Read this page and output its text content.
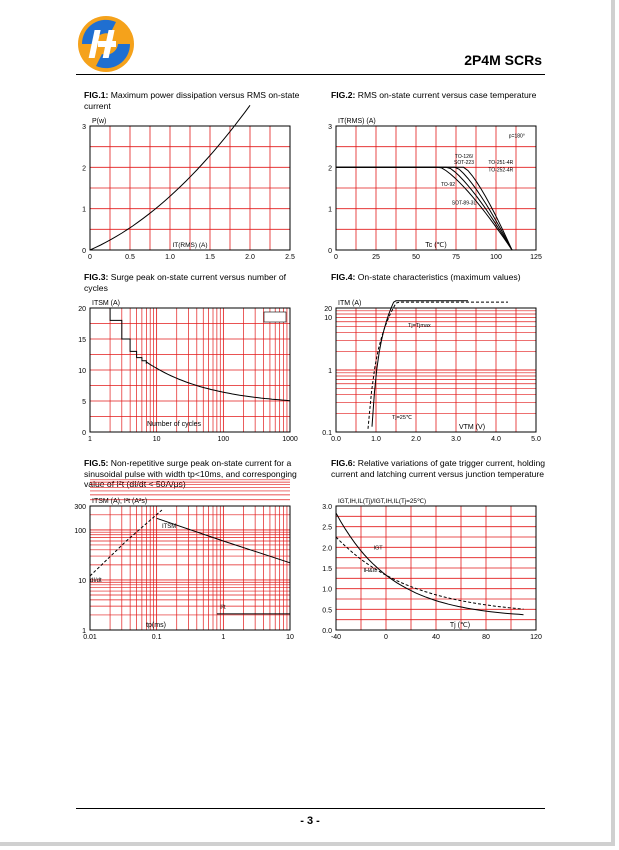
2P4M SCRs
FIG.1: Maximum power dissipation versus RMS on-state current
FIG.2: RMS on-state current versus case temperature
FIG.3: Surge peak on-state current versus number of cycles
FIG.4: On-state characteristics (maximum values)
FIG.5: Non-repetitive surge peak on-state current for a sinusoidal pulse with width tp<10ms, and corresponging value of I²t (dI/dt < 50A/μs)
FIG.6: Relative variations of gate trigger current, holding current and latching current versus junction temperature
0	0.5	1.0	1.5	2.0	2.5
0
1
2
3
P(w)
IT(RMS) (A)
0	25	50	75	100	125
0
1
2
3
IT(RMS) (A)
Tc (℃)
p=180°
TO-126/
SOT-223	TO-251-4R
TO-252-4R
TO-92
SOT-89-3L
1	10	100	1000
0
5
10
15
20
ITSM (A)
Number of cycles
0.0	1.0	2.0	3.0	4.0	5.0
0.1
1
10
20
ITM (A)
VTM (V)
Tj=25℃
Tj=Tjmax
0.01	0.1	1	10
1
10
100
300
ITSM (A), I²t (A²s)
tp(ms)
ITSM
dI/dt
I²t
-40	0	40	80	120
0.0
0.5
1.0
1.5
2.0
2.5
3.0
IGT,IH,IL(Tj)/IGT,IH,IL(Tj=25℃)
Tj (℃)
IGT
IH&IL
- 3 -
